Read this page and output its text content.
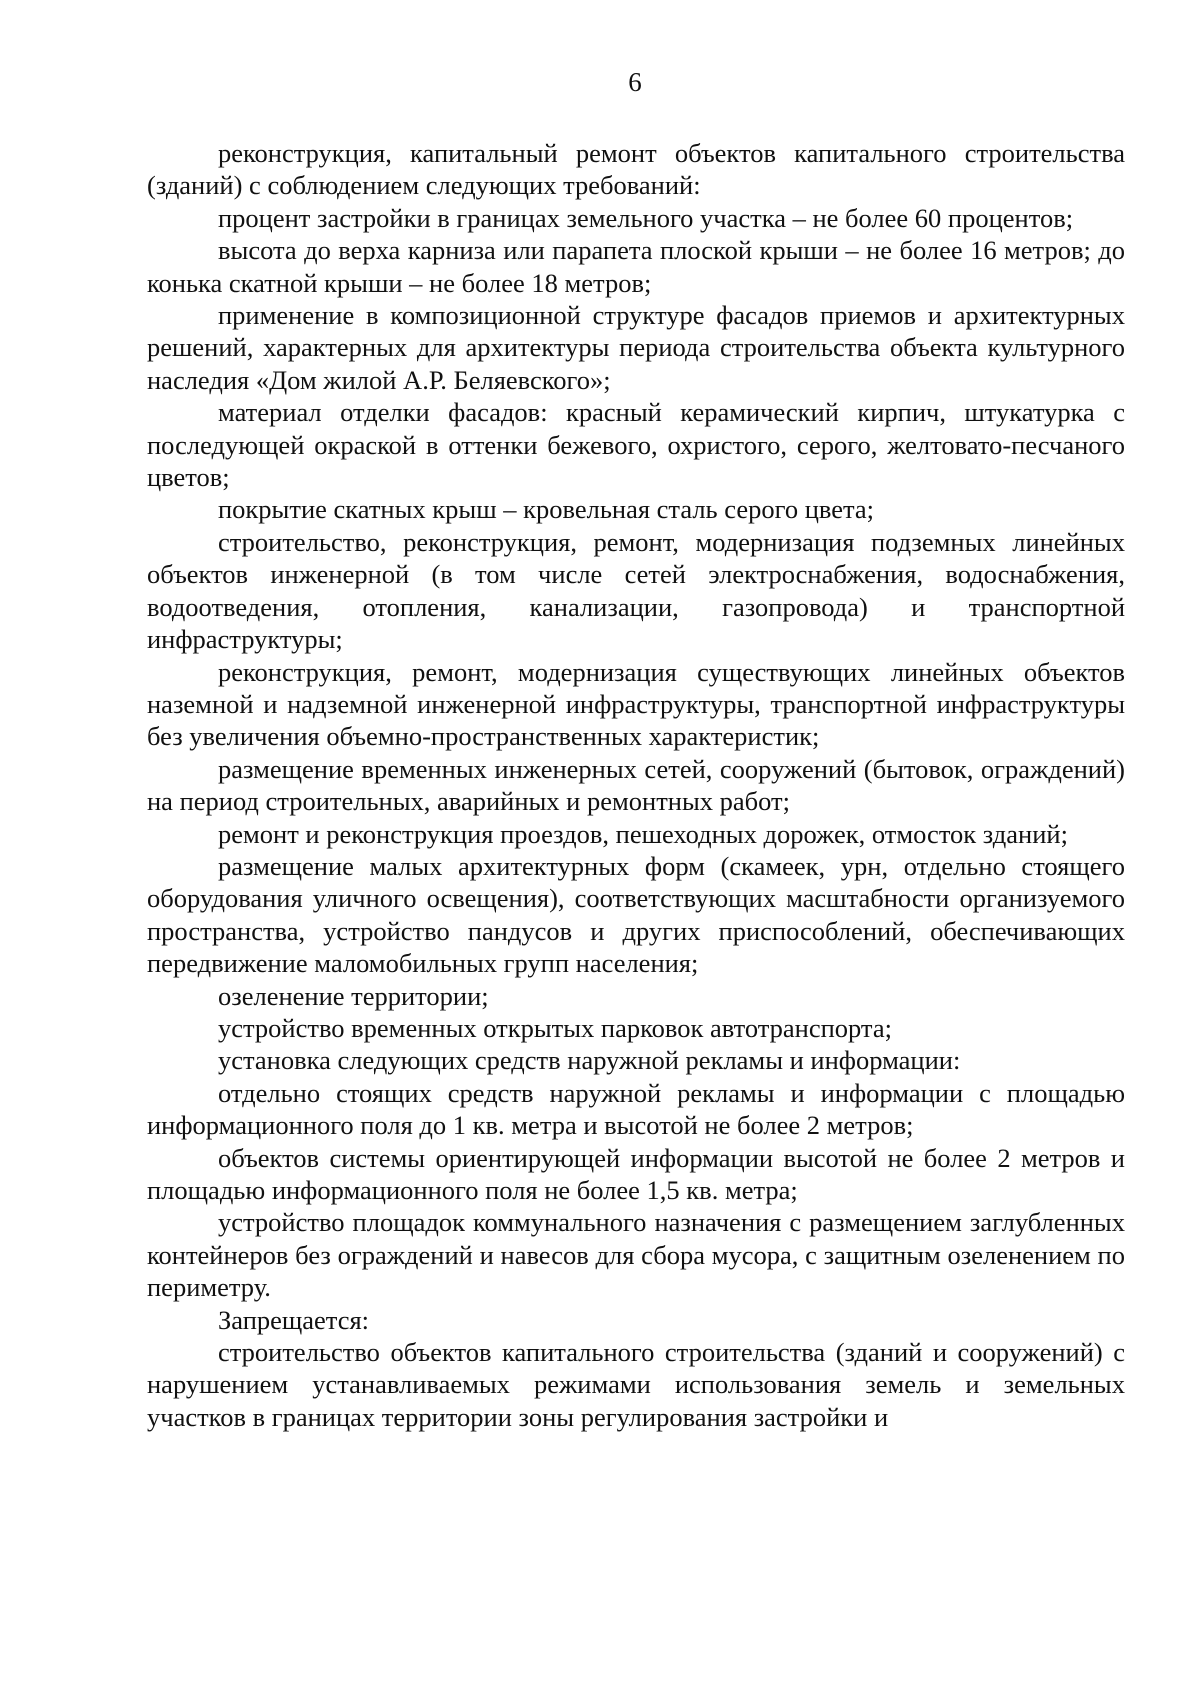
6

реконструкция, капитальный ремонт объектов капитального строительства (зданий) с соблюдением следующих требований:

процент застройки в границах земельного участка – не более 60 процентов;

высота до верха карниза или парапета плоской крыши – не более 16 метров; до конька скатной крыши – не более 18 метров;

применение в композиционной структуре фасадов приемов и архитектурных решений, характерных для архитектуры периода строительства объекта культурного наследия «Дом жилой А.Р. Беляевского»;

материал отделки фасадов: красный керамический кирпич, штукатурка с последующей окраской в оттенки бежевого, охристого, серого, желтовато-песчаного цветов;

покрытие скатных крыш – кровельная сталь серого цвета;

строительство, реконструкция, ремонт, модернизация подземных линейных объектов инженерной (в том числе сетей электроснабжения, водоснабжения, водоотведения, отопления, канализации, газопровода) и транспортной инфраструктуры;

реконструкция, ремонт, модернизация существующих линейных объектов наземной и надземной инженерной инфраструктуры, транспортной инфраструктуры без увеличения объемно-пространственных характеристик;

размещение временных инженерных сетей, сооружений (бытовок, ограждений) на период строительных, аварийных и ремонтных работ;

ремонт и реконструкция проездов, пешеходных дорожек, отмосток зданий;

размещение малых архитектурных форм (скамеек, урн, отдельно стоящего оборудования уличного освещения), соответствующих масштабности организуемого пространства, устройство пандусов и других приспособлений, обеспечивающих передвижение маломобильных групп населения;

озеленение территории;

устройство временных открытых парковок автотранспорта;

установка следующих средств наружной рекламы и информации:

отдельно стоящих средств наружной рекламы и информации с площадью информационного поля до 1 кв. метра и высотой не более 2 метров;

объектов системы ориентирующей информации высотой не более 2 метров и площадью информационного поля не более 1,5 кв. метра;

устройство площадок коммунального назначения с размещением заглубленных контейнеров без ограждений и навесов для сбора мусора, с защитным озеленением по периметру.

Запрещается:

строительство объектов капитального строительства (зданий и сооружений) с нарушением устанавливаемых режимами использования земель и земельных участков в границах территории зоны регулирования застройки и
